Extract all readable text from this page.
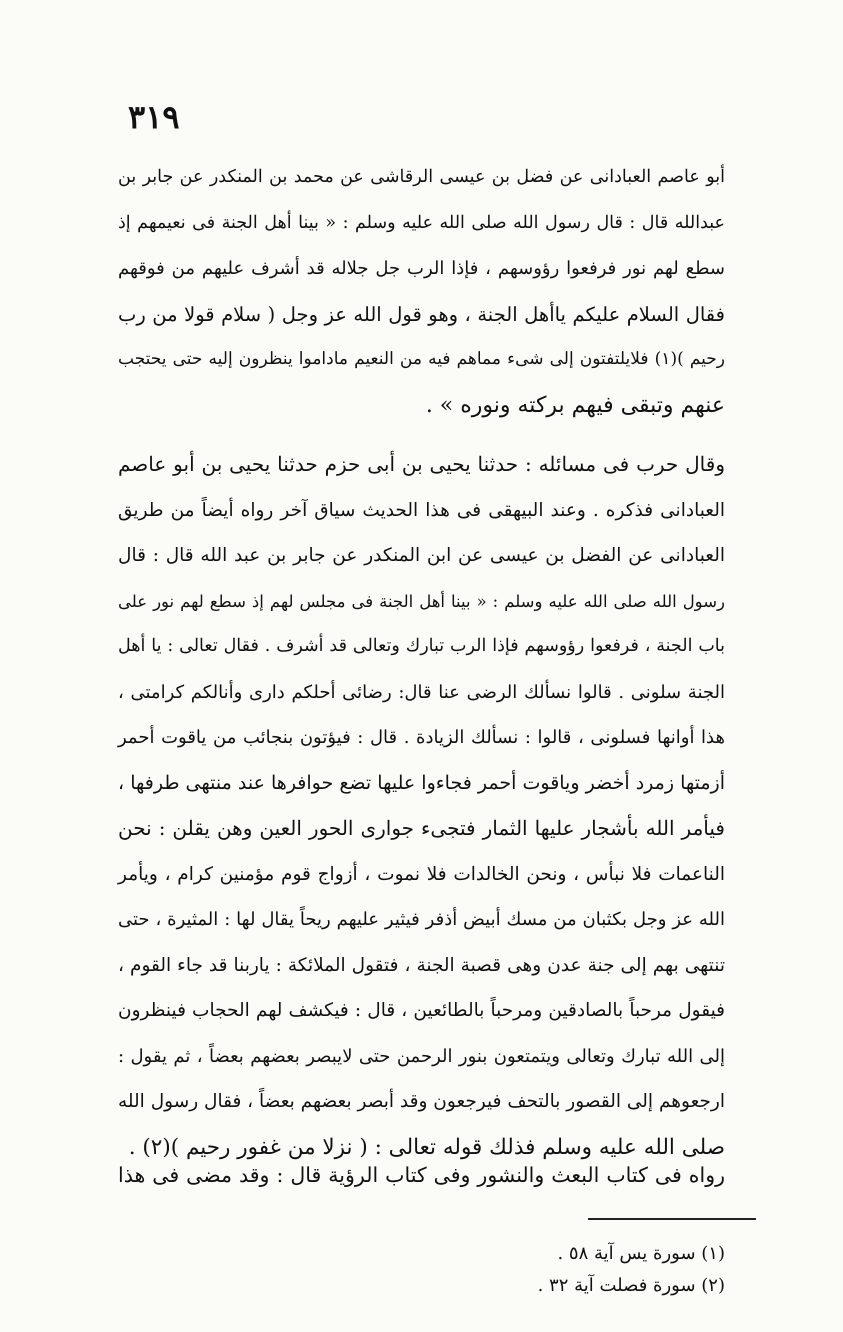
٣١٩
أبو عاصم العبادانى عن فضل بن عيسى الرقاشى عن محمد بن المنكدر عن جابر بن
عبدالله قال : قال رسول الله صلى الله عليه وسلم : « بينا أهل الجنة فى نعيمهم إذ
سطع لهم نور فرفعوا رؤوسهم ، فإذا الرب جل جلاله قد أشرف عليهم من فوقهم
فقال السلام عليكم ياأهل الجنة ، وهو قول الله عز وجل ( سلام قولا من رب
رحيم )(١) فلايلتفتون إلى شىء مماهم فيه من النعيم ماداموا ينظرون إليه حتى يحتجب
عنهم وتبقى فيهم بركته ونوره » .
وقال حرب فى مسائله : حدثنا يحيى بن أبى حزم حدثنا يحيى بن أبو عاصم
العبادانى فذكره . وعند البيهقى فى هذا الحديث سياق آخر رواه أيضاً من طريق
العبادانى عن الفضل بن عيسى عن ابن المنكدر عن جابر بن عبد الله قال : قال
رسول الله صلى الله عليه وسلم : « بينا أهل الجنة فى مجلس لهم إذ سطع لهم نور على
باب الجنة ، فرفعوا رؤوسهم فإذا الرب تبارك وتعالى قد أشرف . فقال تعالى : يا أهل
الجنة سلونى . قالوا نسألك الرضى عنا قال: رضائى أحلكم دارى وأنالكم كرامتى ،
هذا أوانها فسلونى ، قالوا : نسألك الزيادة . قال : فيؤتون بنجائب من ياقوت أحمر
أزمتها زمرد أخضر وياقوت أحمر فجاءوا عليها تضع حوافرها عند منتهى طرفها ،
فيأمر الله بأشجار عليها الثمار فتجىء جوارى الحور العين وهن يقلن : نحن
الناعمات فلا نبأس ، ونحن الخالدات فلا نموت ، أزواج قوم مؤمنين كرام ، ويأمر
الله عز وجل بكثبان من مسك أبيض أذفر فيثير عليهم ريحاً يقال لها : المثيرة ، حتى
تنتهى بهم إلى جنة عدن وهى قصبة الجنة ، فتقول الملائكة : ياربنا قد جاء القوم ،
فيقول مرحباً بالصادقين ومرحباً بالطائعين ، قال : فيكشف لهم الحجاب فينظرون
إلى الله تبارك وتعالى ويتمتعون بنور الرحمن حتى لايبصر بعضهم بعضاً ، ثم يقول :
ارجعوهم إلى القصور بالتحف فيرجعون وقد أبصر بعضهم بعضاً ، فقال رسول الله
صلى الله عليه وسلم فذلك قوله تعالى : ( نزلا من غفور رحيم )(٢) .
رواه فى كتاب البعث والنشور وفى كتاب الرؤية قال : وقد مضى فى هذا
(١) سورة يس آية ٥٨ .
(٢) سورة فصلت آية ٣٢ .
